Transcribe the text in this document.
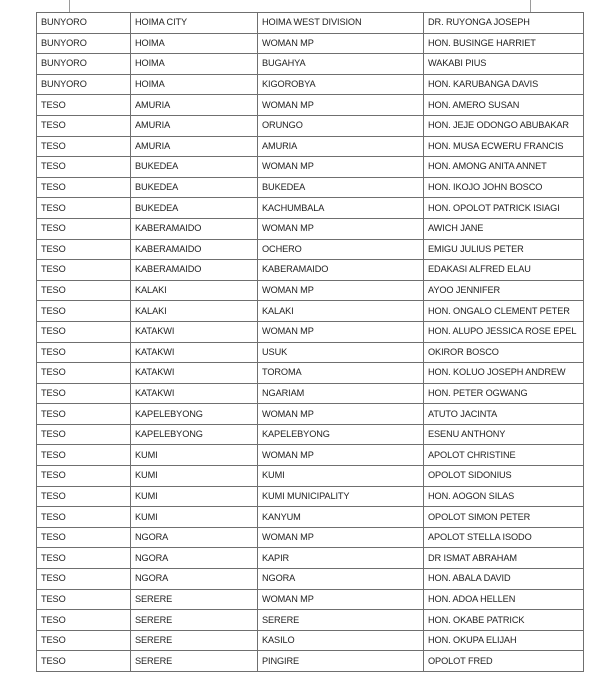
BUNYORO	HOIMA CITY	HOIMA WEST DIVISION	DR. RUYONGA JOSEPH
BUNYORO	HOIMA	WOMAN MP	HON. BUSINGE HARRIET
BUNYORO	HOIMA	BUGAHYA	WAKABI PIUS
BUNYORO	HOIMA	KIGOROBYA	HON. KARUBANGA DAVIS
TESO	AMURIA	WOMAN MP	HON. AMERO SUSAN
TESO	AMURIA	ORUNGO	HON. JEJE ODONGO ABUBAKAR
TESO	AMURIA	AMURIA	HON. MUSA ECWERU FRANCIS
TESO	BUKEDEA	WOMAN MP	HON. AMONG ANITA ANNET
TESO	BUKEDEA	BUKEDEA	HON. IKOJO JOHN BOSCO
TESO	BUKEDEA	KACHUMBALA	HON. OPOLOT PATRICK ISIAGI
TESO	KABERAMAIDO	WOMAN MP	AWICH JANE
TESO	KABERAMAIDO	OCHERO	EMIGU JULIUS PETER
TESO	KABERAMAIDO	KABERAMAIDO	EDAKASI ALFRED ELAU
TESO	KALAKI	WOMAN MP	AYOO JENNIFER
TESO	KALAKI	KALAKI	HON. ONGALO CLEMENT PETER
TESO	KATAKWI	WOMAN MP	HON. ALUPO JESSICA ROSE EPEL
TESO	KATAKWI	USUK	OKIROR BOSCO
TESO	KATAKWI	TOROMA	HON. KOLUO JOSEPH ANDREW
TESO	KATAKWI	NGARIAM	HON. PETER OGWANG
TESO	KAPELEBYONG	WOMAN MP	ATUTO JACINTA
TESO	KAPELEBYONG	KAPELEBYONG	ESENU ANTHONY
TESO	KUMI	WOMAN MP	APOLOT CHRISTINE
TESO	KUMI	KUMI	OPOLOT SIDONIUS
TESO	KUMI	KUMI MUNICIPALITY	HON. AOGON SILAS
TESO	KUMI	KANYUM	OPOLOT SIMON PETER
TESO	NGORA	WOMAN MP	APOLOT STELLA ISODO
TESO	NGORA	KAPIR	DR ISMAT ABRAHAM
TESO	NGORA	NGORA	HON. ABALA DAVID
TESO	SERERE	WOMAN MP	HON. ADOA HELLEN
TESO	SERERE	SERERE	HON. OKABE PATRICK
TESO	SERERE	KASILO	HON. OKUPA ELIJAH
TESO	SERERE	PINGIRE	OPOLOT FRED
